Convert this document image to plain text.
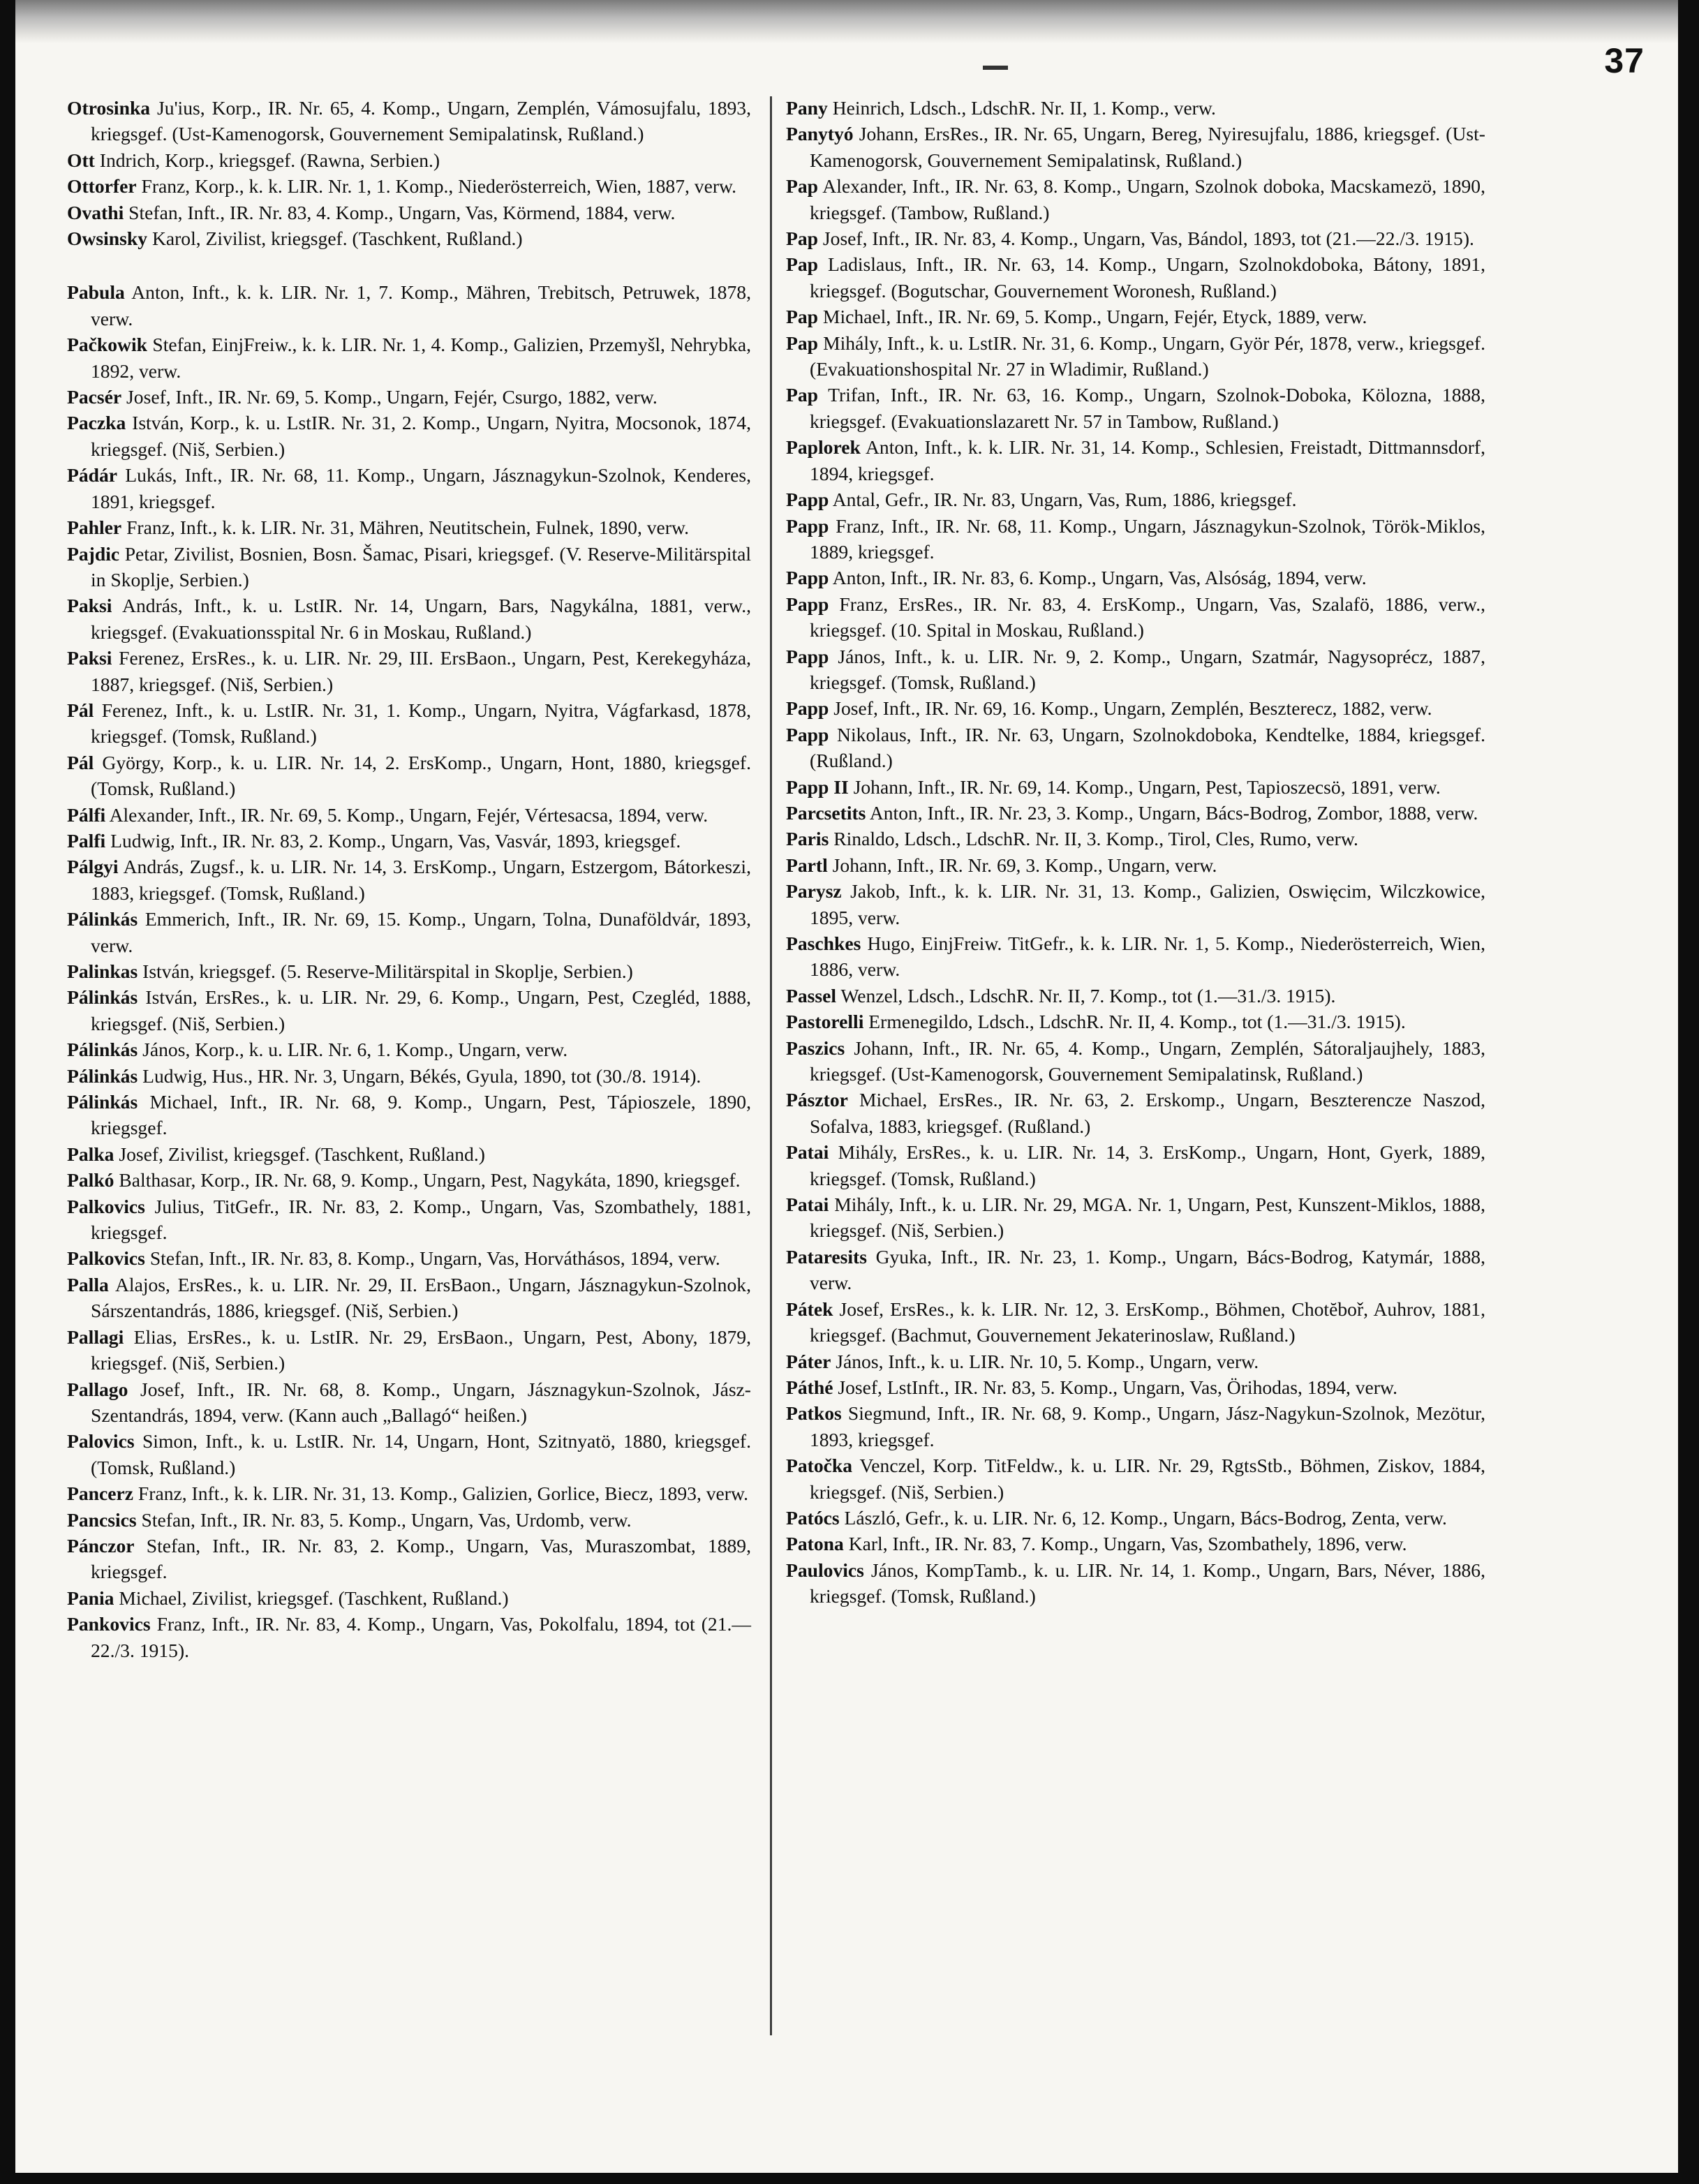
37

Otrosinka Ju'ius, Korp., IR. Nr. 65, 4. Komp., Ungarn, Zemplén, Vámosujfalu, 1893, kriegsgef. (Ust-Kamenogorsk, Gouvernement Semipalatinsk, Rußland.)

Ott Indrich, Korp., kriegsgef. (Rawna, Serbien.)

Ottorfer Franz, Korp., k. k. LIR. Nr. 1, 1. Komp., Niederösterreich, Wien, 1887, verw.

Ovathi Stefan, Inft., IR. Nr. 83, 4. Komp., Ungarn, Vas, Körmend, 1884, verw.

Owsinsky Karol, Zivilist, kriegsgef. (Taschkent, Rußland.)

Pabula Anton, Inft., k. k. LIR. Nr. 1, 7. Komp., Mähren, Trebitsch, Petruwek, 1878, verw.

Pačkowik Stefan, EinjFreiw., k. k. LIR. Nr. 1, 4. Komp., Galizien, Przemyšl, Nehrybka, 1892, verw.

Pacsér Josef, Inft., IR. Nr. 69, 5. Komp., Ungarn, Fejér, Csurgo, 1882, verw.

Paczka István, Korp., k. u. LstIR. Nr. 31, 2. Komp., Ungarn, Nyitra, Mocsonok, 1874, kriegsgef. (Niš, Serbien.)

Pádár Lukás, Inft., IR. Nr. 68, 11. Komp., Ungarn, Jásznagykun-Szolnok, Kenderes, 1891, kriegsgef.

Pahler Franz, Inft., k. k. LIR. Nr. 31, Mähren, Neutitschein, Fulnek, 1890, verw.

Pajdic Petar, Zivilist, Bosnien, Bosn. Šamac, Pisari, kriegsgef. (V. Reserve-Militärspital in Skoplje, Serbien.)

Paksi András, Inft., k. u. LstIR. Nr. 14, Ungarn, Bars, Nagykálna, 1881, verw., kriegsgef. (Evakuationsspital Nr. 6 in Moskau, Rußland.)

Paksi Ferenez, ErsRes., k. u. LIR. Nr. 29, III. ErsBaon., Ungarn, Pest, Kerekegyháza, 1887, kriegsgef. (Niš, Serbien.)

Pál Ferenez, Inft., k. u. LstIR. Nr. 31, 1. Komp., Ungarn, Nyitra, Vágfarkasd, 1878, kriegsgef. (Tomsk, Rußland.)

Pál György, Korp., k. u. LIR. Nr. 14, 2. ErsKomp., Ungarn, Hont, 1880, kriegsgef. (Tomsk, Rußland.)

Pálfi Alexander, Inft., IR. Nr. 69, 5. Komp., Ungarn, Fejér, Vértesacsa, 1894, verw.

Palfi Ludwig, Inft., IR. Nr. 83, 2. Komp., Ungarn, Vas, Vasvár, 1893, kriegsgef.

Pálgyi András, Zugsf., k. u. LIR. Nr. 14, 3. ErsKomp., Ungarn, Estzergom, Bátorkeszi, 1883, kriegsgef. (Tomsk, Rußland.)

Pálinkás Emmerich, Inft., IR. Nr. 69, 15. Komp., Ungarn, Tolna, Dunaföldvár, 1893, verw.

Palinkas István, kriegsgef. (5. Reserve-Militärspital in Skoplje, Serbien.)

Pálinkás István, ErsRes., k. u. LIR. Nr. 29, 6. Komp., Ungarn, Pest, Czegléd, 1888, kriegsgef. (Niš, Serbien.)

Pálinkás János, Korp., k. u. LIR. Nr. 6, 1. Komp., Ungarn, verw.

Pálinkás Ludwig, Hus., HR. Nr. 3, Ungarn, Békés, Gyula, 1890, tot (30./8. 1914).

Pálinkás Michael, Inft., IR. Nr. 68, 9. Komp., Ungarn, Pest, Tápioszele, 1890, kriegsgef.

Palka Josef, Zivilist, kriegsgef. (Taschkent, Rußland.)

Palkó Balthasar, Korp., IR. Nr. 68, 9. Komp., Ungarn, Pest, Nagykáta, 1890, kriegsgef.

Palkovics Julius, TitGefr., IR. Nr. 83, 2. Komp., Ungarn, Vas, Szombathely, 1881, kriegsgef.

Palkovics Stefan, Inft., IR. Nr. 83, 8. Komp., Ungarn, Vas, Horváthásos, 1894, verw.

Palla Alajos, ErsRes., k. u. LIR. Nr. 29, II. ErsBaon., Ungarn, Jásznagykun-Szolnok, Sárszentandrás, 1886, kriegsgef. (Niš, Serbien.)

Pallagi Elias, ErsRes., k. u. LstIR. Nr. 29, ErsBaon., Ungarn, Pest, Abony, 1879, kriegsgef. (Niš, Serbien.)

Pallago Josef, Inft., IR. Nr. 68, 8. Komp., Ungarn, Jásznagykun-Szolnok, Jász-Szentandrás, 1894, verw. (Kann auch „Ballagó“ heißen.)

Palovics Simon, Inft., k. u. LstIR. Nr. 14, Ungarn, Hont, Szitnyatö, 1880, kriegsgef. (Tomsk, Rußland.)

Pancerz Franz, Inft., k. k. LIR. Nr. 31, 13. Komp., Galizien, Gorlice, Biecz, 1893, verw.

Pancsics Stefan, Inft., IR. Nr. 83, 5. Komp., Ungarn, Vas, Urdomb, verw.

Pánczor Stefan, Inft., IR. Nr. 83, 2. Komp., Ungarn, Vas, Muraszombat, 1889, kriegsgef.

Pania Michael, Zivilist, kriegsgef. (Taschkent, Rußland.)

Pankovics Franz, Inft., IR. Nr. 83, 4. Komp., Ungarn, Vas, Pokolfalu, 1894, tot (21.—22./3. 1915).

Pany Heinrich, Ldsch., LdschR. Nr. II, 1. Komp., verw.

Panytyó Johann, ErsRes., IR. Nr. 65, Ungarn, Bereg, Nyiresujfalu, 1886, kriegsgef. (Ust-Kamenogorsk, Gouvernement Semipalatinsk, Rußland.)

Pap Alexander, Inft., IR. Nr. 63, 8. Komp., Ungarn, Szolnok doboka, Macskamezö, 1890, kriegsgef. (Tambow, Rußland.)

Pap Josef, Inft., IR. Nr. 83, 4. Komp., Ungarn, Vas, Bándol, 1893, tot (21.—22./3. 1915).

Pap Ladislaus, Inft., IR. Nr. 63, 14. Komp., Ungarn, Szolnokdoboka, Bátony, 1891, kriegsgef. (Bogutschar, Gouvernement Woronesh, Rußland.)

Pap Michael, Inft., IR. Nr. 69, 5. Komp., Ungarn, Fejér, Etyck, 1889, verw.

Pap Mihály, Inft., k. u. LstIR. Nr. 31, 6. Komp., Ungarn, Györ Pér, 1878, verw., kriegsgef. (Evakuationshospital Nr. 27 in Wladimir, Rußland.)

Pap Trifan, Inft., IR. Nr. 63, 16. Komp., Ungarn, Szolnok-Doboka, Kölozna, 1888, kriegsgef. (Evakuationslazarett Nr. 57 in Tambow, Rußland.)

Paplorek Anton, Inft., k. k. LIR. Nr. 31, 14. Komp., Schlesien, Freistadt, Dittmannsdorf, 1894, kriegsgef.

Papp Antal, Gefr., IR. Nr. 83, Ungarn, Vas, Rum, 1886, kriegsgef.

Papp Franz, Inft., IR. Nr. 68, 11. Komp., Ungarn, Jásznagykun-Szolnok, Török-Miklos, 1889, kriegsgef.

Papp Anton, Inft., IR. Nr. 83, 6. Komp., Ungarn, Vas, Alsóság, 1894, verw.

Papp Franz, ErsRes., IR. Nr. 83, 4. ErsKomp., Ungarn, Vas, Szalafö, 1886, verw., kriegsgef. (10. Spital in Moskau, Rußland.)

Papp János, Inft., k. u. LIR. Nr. 9, 2. Komp., Ungarn, Szatmár, Nagysoprécz, 1887, kriegsgef. (Tomsk, Rußland.)

Papp Josef, Inft., IR. Nr. 69, 16. Komp., Ungarn, Zemplén, Beszterecz, 1882, verw.

Papp Nikolaus, Inft., IR. Nr. 63, Ungarn, Szolnokdoboka, Kendtelke, 1884, kriegsgef. (Rußland.)

Papp II Johann, Inft., IR. Nr. 69, 14. Komp., Ungarn, Pest, Tapioszecsö, 1891, verw.

Parcsetits Anton, Inft., IR. Nr. 23, 3. Komp., Ungarn, Bács-Bodrog, Zombor, 1888, verw.

Paris Rinaldo, Ldsch., LdschR. Nr. II, 3. Komp., Tirol, Cles, Rumo, verw.

Partl Johann, Inft., IR. Nr. 69, 3. Komp., Ungarn, verw.

Parysz Jakob, Inft., k. k. LIR. Nr. 31, 13. Komp., Galizien, Oswięcim, Wilczkowice, 1895, verw.

Paschkes Hugo, EinjFreiw. TitGefr., k. k. LIR. Nr. 1, 5. Komp., Niederösterreich, Wien, 1886, verw.

Passel Wenzel, Ldsch., LdschR. Nr. II, 7. Komp., tot (1.—31./3. 1915).

Pastorelli Ermenegildo, Ldsch., LdschR. Nr. II, 4. Komp., tot (1.—31./3. 1915).

Paszics Johann, Inft., IR. Nr. 65, 4. Komp., Ungarn, Zemplén, Sátoraljaujhely, 1883, kriegsgef. (Ust-Kamenogorsk, Gouvernement Semipalatinsk, Rußland.)

Pásztor Michael, ErsRes., IR. Nr. 63, 2. Erskomp., Ungarn, Beszterencze Naszod, Sofalva, 1883, kriegsgef. (Rußland.)

Patai Mihály, ErsRes., k. u. LIR. Nr. 14, 3. ErsKomp., Ungarn, Hont, Gyerk, 1889, kriegsgef. (Tomsk, Rußland.)

Patai Mihály, Inft., k. u. LIR. Nr. 29, MGA. Nr. 1, Ungarn, Pest, Kunszent-Miklos, 1888, kriegsgef. (Niš, Serbien.)

Pataresits Gyuka, Inft., IR. Nr. 23, 1. Komp., Ungarn, Bács-Bodrog, Katymár, 1888, verw.

Pátek Josef, ErsRes., k. k. LIR. Nr. 12, 3. ErsKomp., Böhmen, Chotĕboř, Auhrov, 1881, kriegsgef. (Bachmut, Gouvernement Jekaterinoslaw, Rußland.)

Páter János, Inft., k. u. LIR. Nr. 10, 5. Komp., Ungarn, verw.

Páthé Josef, LstInft., IR. Nr. 83, 5. Komp., Ungarn, Vas, Örihodas, 1894, verw.

Patkos Siegmund, Inft., IR. Nr. 68, 9. Komp., Ungarn, Jász-Nagykun-Szolnok, Mezötur, 1893, kriegsgef.

Patočka Venczel, Korp. TitFeldw., k. u. LIR. Nr. 29, RgtsStb., Böhmen, Ziskov, 1884, kriegsgef. (Niš, Serbien.)

Patócs László, Gefr., k. u. LIR. Nr. 6, 12. Komp., Ungarn, Bács-Bodrog, Zenta, verw.

Patona Karl, Inft., IR. Nr. 83, 7. Komp., Ungarn, Vas, Szombathely, 1896, verw.

Paulovics János, KompTamb., k. u. LIR. Nr. 14, 1. Komp., Ungarn, Bars, Néver, 1886, kriegsgef. (Tomsk, Rußland.)
